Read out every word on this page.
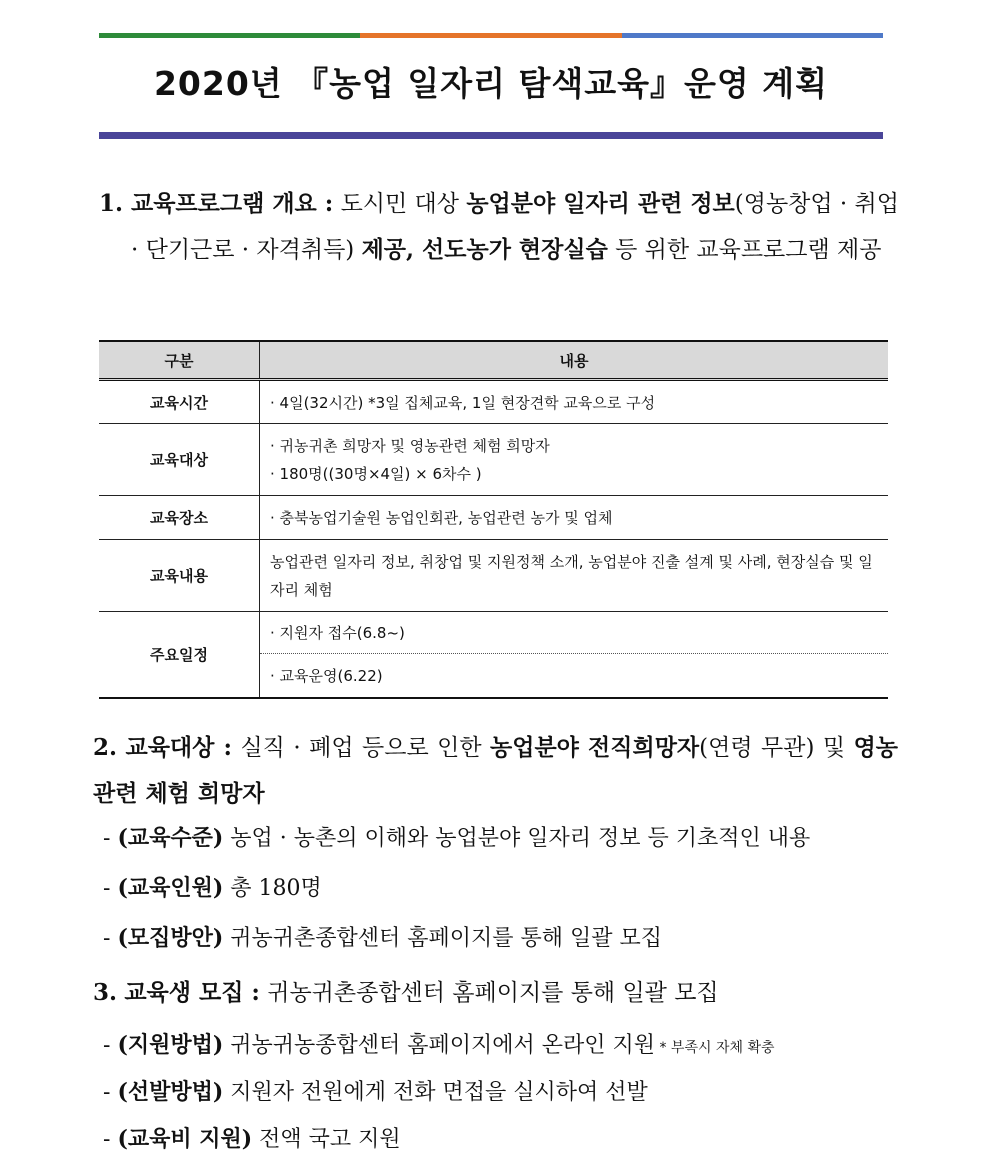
2020년 『농업 일자리 탐색교육』운영 계획
1. 교육프로그램 개요 : 도시민 대상 농업분야 일자리 관련 정보(영농창업 · 취업 · 단기근로 · 자격취득) 제공, 선도농가 현장실습 등 위한 교육프로그램 제공
구분	내용
교육시간	· 4일(32시간) *3일 집체교육, 1일 현장견학 교육으로 구성
교육대상	· 귀농귀촌 희망자 및 영농관련 체험 희망자
· 180명((30명×4일) × 6차수 )

교육장소	· 충북농업기술원 농업인회관, 농업관련 농가 및 업체
교육내용	농업관련 일자리 정보, 취창업 및 지원정책 소개, 농업분야 진출 설계 및 사례, 현장실습 및 일자리 체험
주요일정	· 지원자 접수(6.8~)
	· 교육운영(6.22)
2. 교육대상 : 실직 · 폐업 등으로 인한 농업분야 전직희망자(연령 무관) 및 영농 관련 체험 희망자
- (교육수준) 농업 · 농촌의 이해와 농업분야 일자리 정보 등 기초적인 내용
- (교육인원) 총 180명
- (모집방안) 귀농귀촌종합센터 홈페이지를 통해 일괄 모집
3. 교육생 모집 : 귀농귀촌종합센터 홈페이지를 통해 일괄 모집
- (지원방법) 귀농귀농종합센터 홈페이지에서 온라인 지원 * 부족시 자체 확충
- (선발방법) 지원자 전원에게 전화 면접을 실시하여 선발
- (교육비 지원) 전액 국고 지원
